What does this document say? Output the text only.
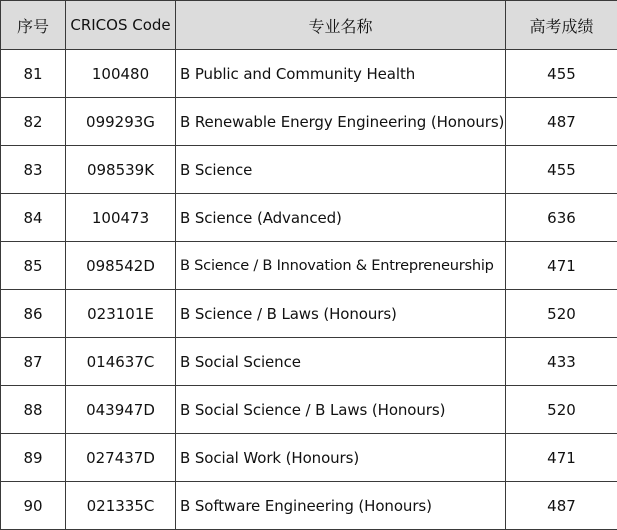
序号	CRICOS Code	专业名称	高考成绩
81	100480	B Public and Community Health	455
82	099293G	B Renewable Energy Engineering (Honours)	487
83	098539K	B Science	455
84	100473	B Science (Advanced)	636
85	098542D	B Science / B Innovation & Entrepreneurship	471
86	023101E	B Science / B Laws (Honours)	520
87	014637C	B Social Science	433
88	043947D	B Social Science / B Laws (Honours)	520
89	027437D	B Social Work (Honours)	471
90	021335C	B Software Engineering (Honours)	487
